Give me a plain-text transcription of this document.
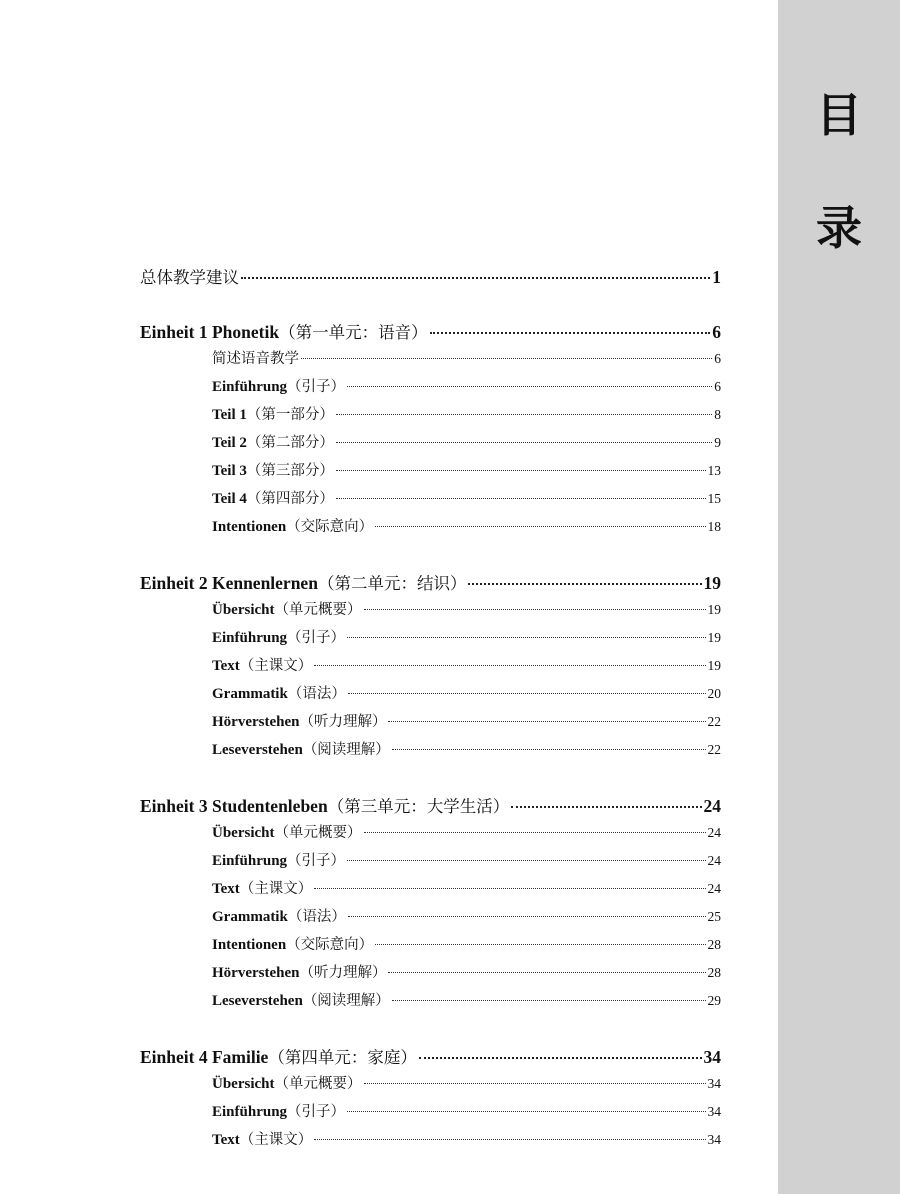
目
录
总体教学建议	1
Einheit 1 Phonetik （第一单元：语音）	6
简述语音教学	6
Einführung （引子）	6
Teil 1 （第一部分）	8
Teil 2 （第二部分）	9
Teil 3 （第三部分）	13
Teil 4 （第四部分）	15
Intentionen （交际意向）	18
Einheit 2 Kennenlernen （第二单元：结识）	19
Übersicht （单元概要）	19
Einführung （引子）	19
Text （主课文）	19
Grammatik （语法）	20
Hörverstehen （听力理解）	22
Leseverstehen （阅读理解）	22
Einheit 3 Studentenleben （第三单元：大学生活）	24
Übersicht （单元概要）	24
Einführung （引子）	24
Text （主课文）	24
Grammatik （语法）	25
Intentionen （交际意向）	28
Hörverstehen （听力理解）	28
Leseverstehen （阅读理解）	29
Einheit 4 Familie （第四单元：家庭）	34
Übersicht （单元概要）	34
Einführung （引子）	34
Text （主课文）	34
